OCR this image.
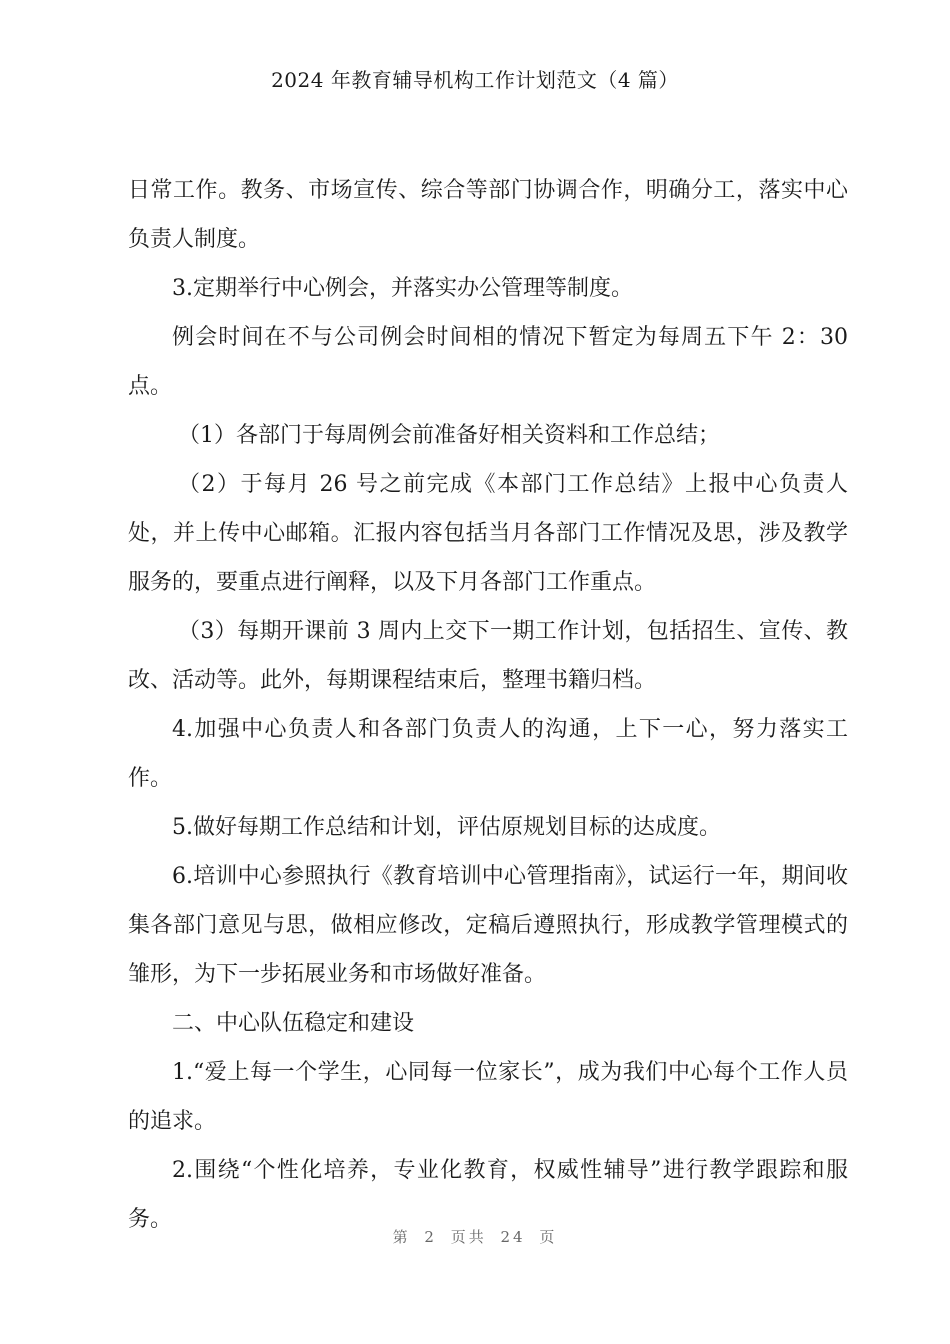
2024 年教育辅导机构工作计划范文（4 篇）

日常工作。教务、市场宣传、综合等部门协调合作，明确分工，落实中心负责人制度。

3.定期举行中心例会，并落实办公管理等制度。

例会时间在不与公司例会时间相的情况下暂定为每周五下午 2：30 点。

（1）各部门于每周例会前准备好相关资料和工作总结；

（2）于每月 26 号之前完成《本部门工作总结》上报中心负责人处，并上传中心邮箱。汇报内容包括当月各部门工作情况及思，涉及教学服务的，要重点进行阐释，以及下月各部门工作重点。

（3）每期开课前 3 周内上交下一期工作计划，包括招生、宣传、教改、活动等。此外，每期课程结束后，整理书籍归档。

4.加强中心负责人和各部门负责人的沟通，上下一心，努力落实工作。

5.做好每期工作总结和计划，评估原规划目标的达成度。

6.培训中心参照执行《教育培训中心管理指南》，试运行一年，期间收集各部门意见与思，做相应修改，定稿后遵照执行，形成教学管理模式的雏形，为下一步拓展业务和市场做好准备。

二、中心队伍稳定和建设

1.“爱上每一个学生，心同每一位家长”，成为我们中心每个工作人员的追求。

2.围绕“个性化培养，专业化教育，权威性辅导”进行教学跟踪和服务。

第 2 页共 24 页
